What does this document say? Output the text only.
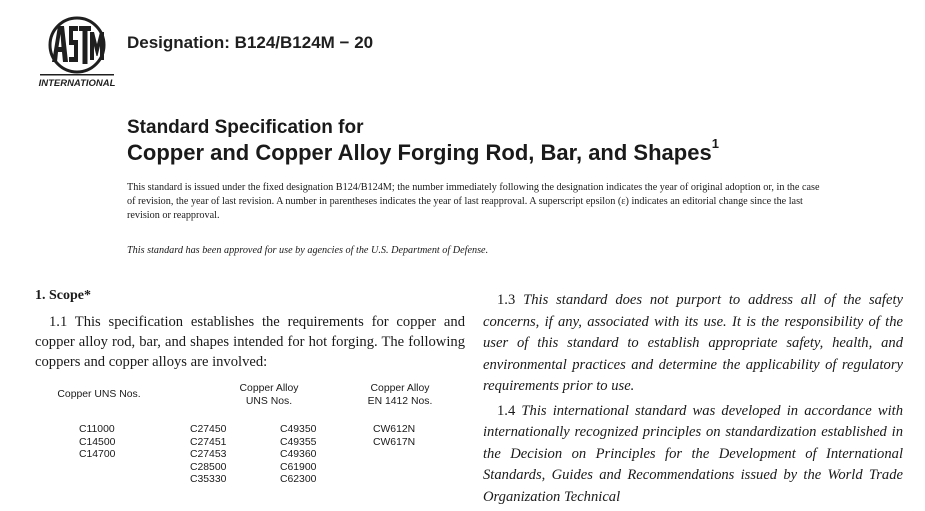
INTERNATIONAL
Designation: B124/B124M − 20
Standard Specification for
Copper and Copper Alloy Forging Rod, Bar, and Shapes$^1$
This standard is issued under the fixed designation B124/B124M; the number immediately following the designation indicates the year of original adoption or, in the case of revision, the year of last revision. A number in parentheses indicates the year of last reapproval. A superscript epsilon (ε) indicates an editorial change since the last revision or reapproval.
This standard has been approved for use by agencies of the U.S. Department of Defense.
1. Scope*

1.1 This specification establishes the requirements for copper and copper alloy rod, bar, and shapes intended for hot forging. The following coppers and copper alloys are involved:

Copper UNS Nos.
Copper Alloy
UNS Nos.
Copper Alloy
EN 1412 Nos.
C11000
C14500
C14700
C27450
C27451
C27453
C28500
C35330
C49350
C49355
C49360
C61900
C62300
CW612N
CW617N

1.3 This standard does not purport to address all of the safety concerns, if any, associated with its use. It is the responsibility of the user of this standard to establish appropriate safety, health, and environmental practices and determine the applicability of regulatory requirements prior to use.

1.4 This international standard was developed in accordance with internationally recognized principles on standardization established in the Decision on Principles for the Development of International Standards, Guides and Recommendations issued by the World Trade Organization Technical
